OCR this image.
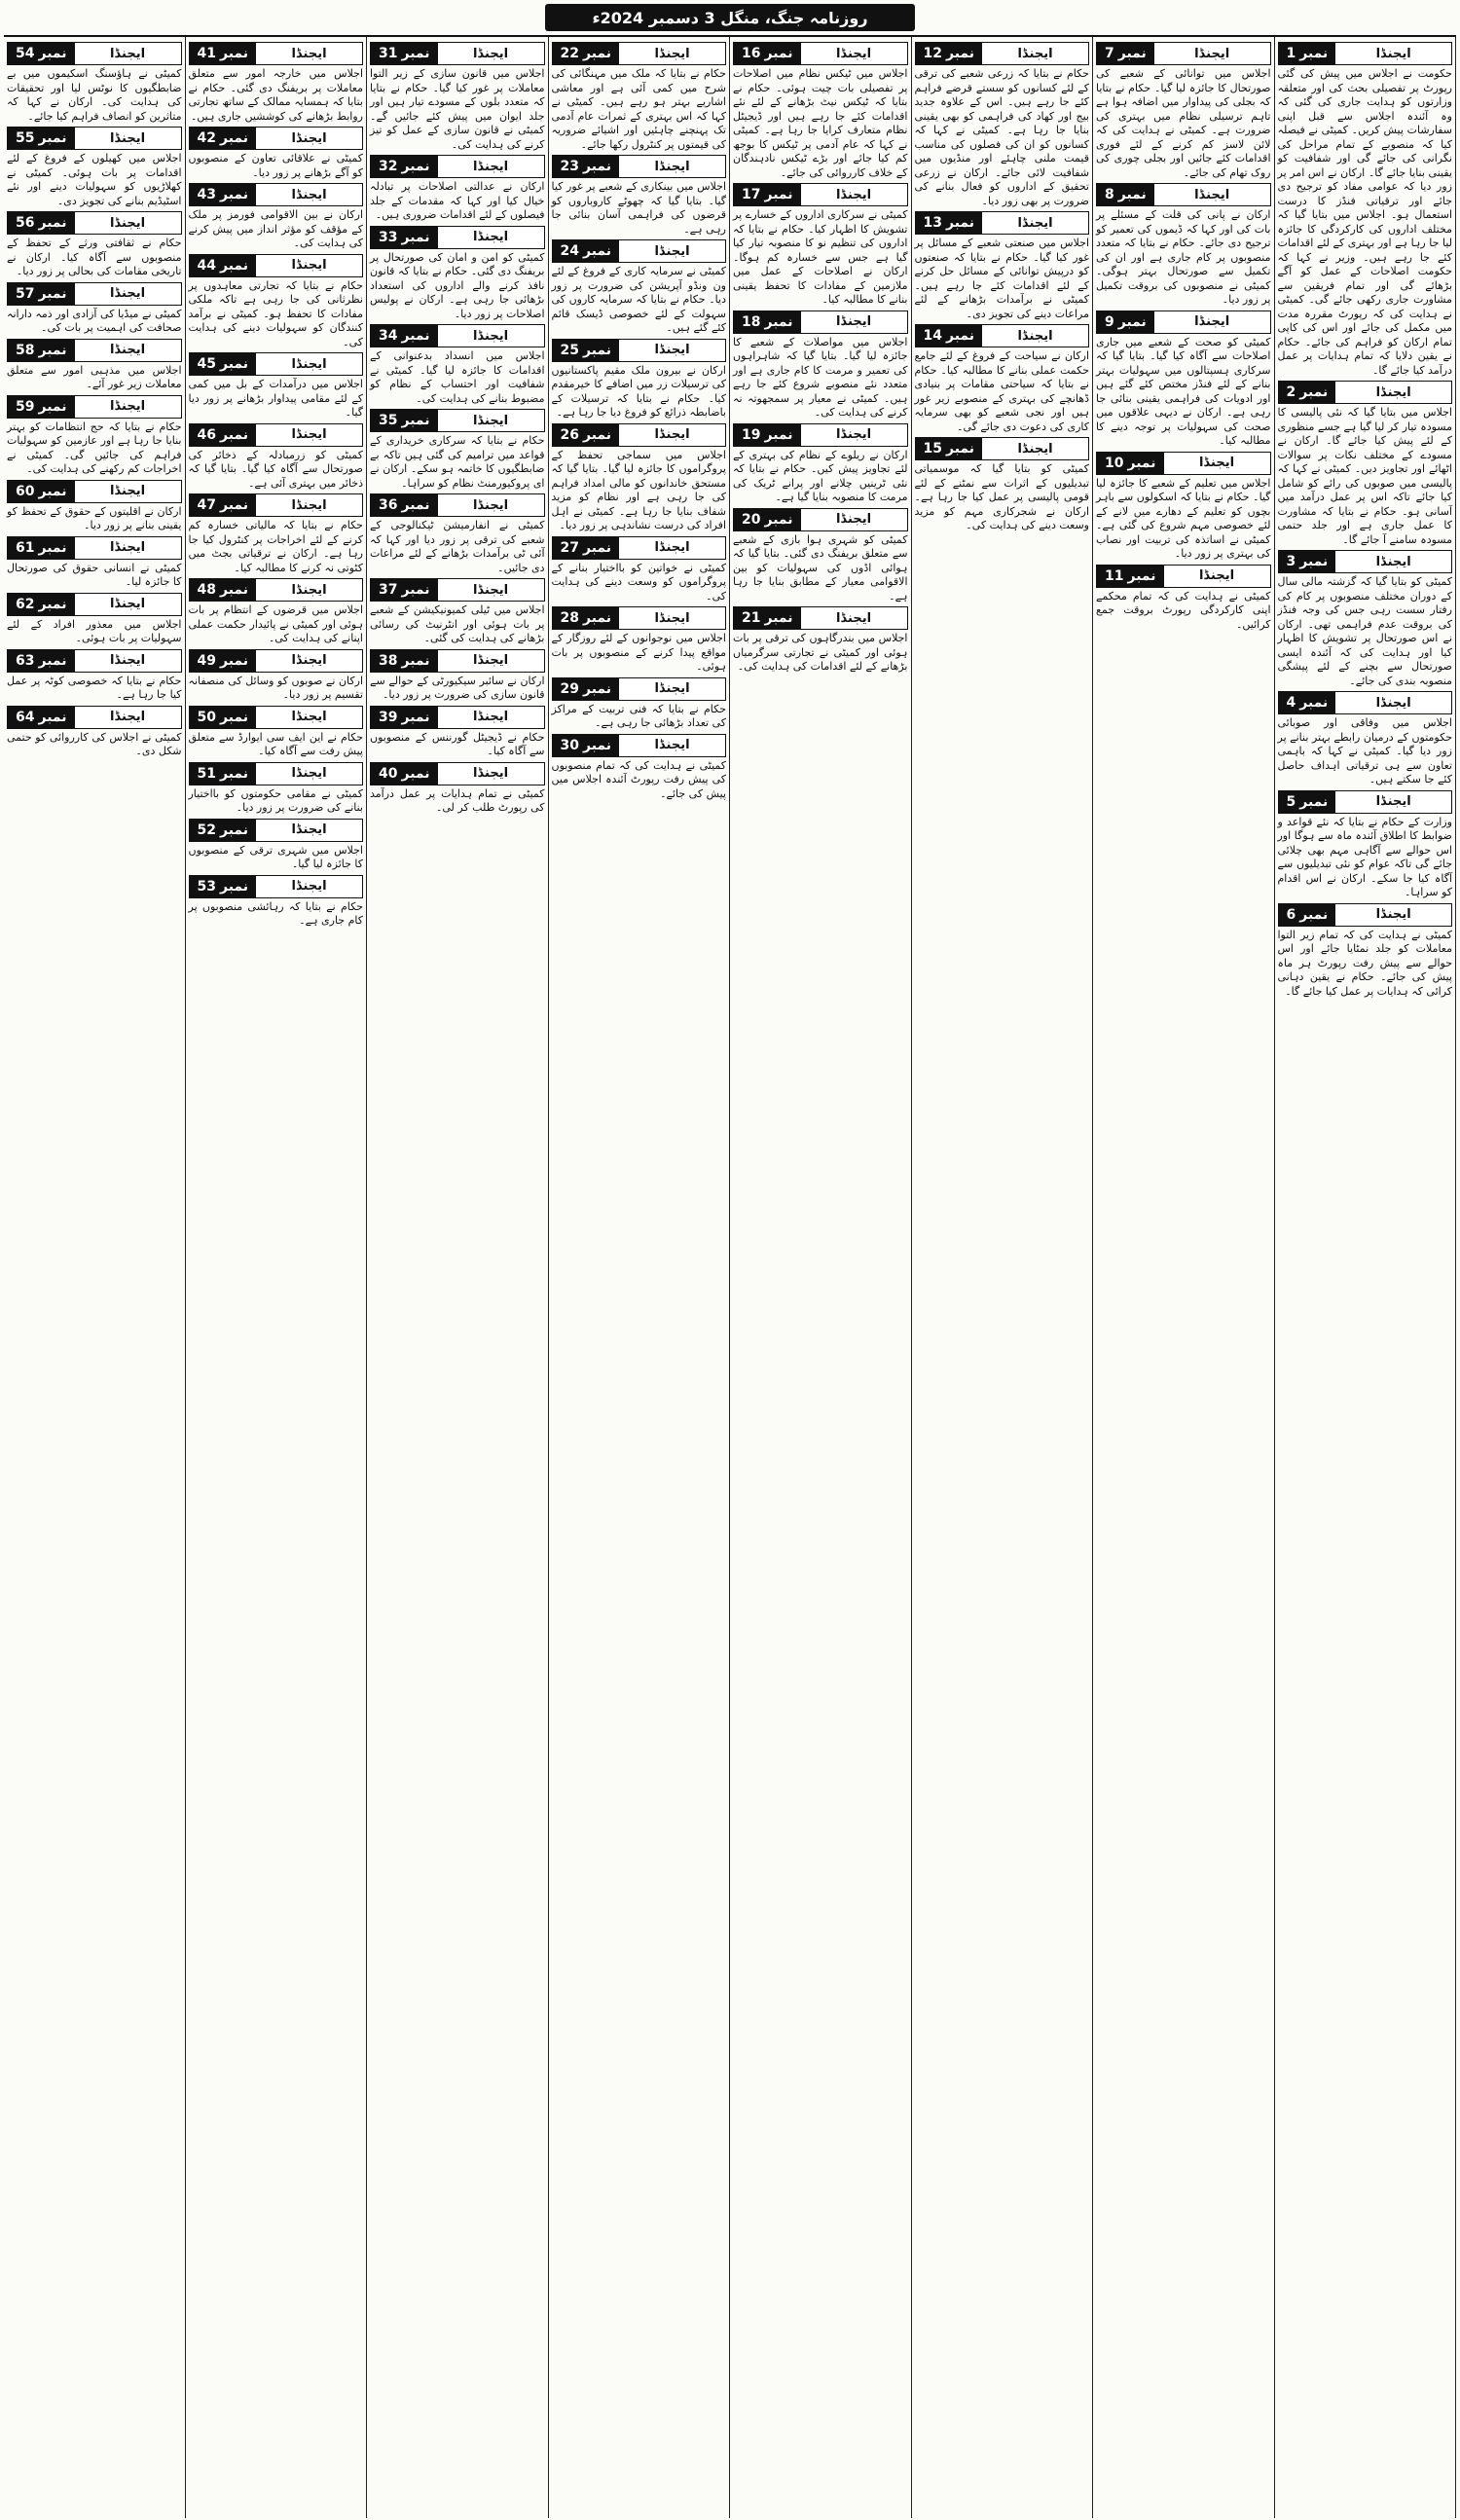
روزنامہ جنگ، منگل 3 دسمبر 2024ء
نمبر
1	ایجنڈا

حکومت نے اجلاس میں پیش کی گئی رپورٹ پر تفصیلی بحث کی اور متعلقہ وزارتوں کو ہدایت جاری کی گئی کہ وہ آئندہ اجلاس سے قبل اپنی سفارشات پیش کریں۔ کمیٹی نے فیصلہ کیا کہ منصوبے کے تمام مراحل کی نگرانی کی جائے گی اور شفافیت کو یقینی بنایا جائے گا۔ ارکان نے اس امر پر زور دیا کہ عوامی مفاد کو ترجیح دی جائے اور ترقیاتی فنڈز کا درست استعمال ہو۔ اجلاس میں بتایا گیا کہ مختلف اداروں کی کارکردگی کا جائزہ لیا جا رہا ہے اور بہتری کے لئے اقدامات کئے جا رہے ہیں۔ وزیر نے کہا کہ حکومت اصلاحات کے عمل کو آگے بڑھائے گی اور تمام فریقین سے مشاورت جاری رکھی جائے گی۔ کمیٹی نے ہدایت کی کہ رپورٹ مقررہ مدت میں مکمل کی جائے اور اس کی کاپی تمام ارکان کو فراہم کی جائے۔ حکام نے یقین دلایا کہ تمام ہدایات پر عمل درآمد کیا جائے گا۔

نمبر
2	ایجنڈا

اجلاس میں بتایا گیا کہ نئی پالیسی کا مسودہ تیار کر لیا گیا ہے جسے منظوری کے لئے پیش کیا جائے گا۔ ارکان نے مسودے کے مختلف نکات پر سوالات اٹھائے اور تجاویز دیں۔ کمیٹی نے کہا کہ پالیسی میں صوبوں کی رائے کو شامل کیا جائے تاکہ اس پر عمل درآمد میں آسانی ہو۔ حکام نے بتایا کہ مشاورت کا عمل جاری ہے اور جلد حتمی مسودہ سامنے آ جائے گا۔

نمبر
3	ایجنڈا

کمیٹی کو بتایا گیا کہ گزشتہ مالی سال کے دوران مختلف منصوبوں پر کام کی رفتار سست رہی جس کی وجہ فنڈز کی بروقت عدم فراہمی تھی۔ ارکان نے اس صورتحال پر تشویش کا اظہار کیا اور ہدایت کی کہ آئندہ ایسی صورتحال سے بچنے کے لئے پیشگی منصوبہ بندی کی جائے۔

نمبر
4	ایجنڈا

اجلاس میں وفاقی اور صوبائی حکومتوں کے درمیان رابطے بہتر بنانے پر زور دیا گیا۔ کمیٹی نے کہا کہ باہمی تعاون سے ہی ترقیاتی اہداف حاصل کئے جا سکتے ہیں۔

نمبر
5	ایجنڈا

وزارت کے حکام نے بتایا کہ نئے قواعد و ضوابط کا اطلاق آئندہ ماہ سے ہوگا اور اس حوالے سے آگاہی مہم بھی چلائی جائے گی تاکہ عوام کو نئی تبدیلیوں سے آگاہ کیا جا سکے۔ ارکان نے اس اقدام کو سراہا۔

نمبر
6	ایجنڈا

کمیٹی نے ہدایت کی کہ تمام زیر التوا معاملات کو جلد نمٹایا جائے اور اس حوالے سے پیش رفت رپورٹ ہر ماہ پیش کی جائے۔ حکام نے یقین دہانی کرائی کہ ہدایات پر عمل کیا جائے گا۔

نمبر
7	ایجنڈا

اجلاس میں توانائی کے شعبے کی صورتحال کا جائزہ لیا گیا۔ حکام نے بتایا کہ بجلی کی پیداوار میں اضافہ ہوا ہے تاہم ترسیلی نظام میں بہتری کی ضرورت ہے۔ کمیٹی نے ہدایت کی کہ لائن لاسز کم کرنے کے لئے فوری اقدامات کئے جائیں اور بجلی چوری کی روک تھام کی جائے۔

نمبر
8	ایجنڈا

ارکان نے پانی کی قلت کے مسئلے پر بات کی اور کہا کہ ڈیموں کی تعمیر کو ترجیح دی جائے۔ حکام نے بتایا کہ متعدد منصوبوں پر کام جاری ہے اور ان کی تکمیل سے صورتحال بہتر ہوگی۔ کمیٹی نے منصوبوں کی بروقت تکمیل پر زور دیا۔

نمبر
9	ایجنڈا

کمیٹی کو صحت کے شعبے میں جاری اصلاحات سے آگاہ کیا گیا۔ بتایا گیا کہ سرکاری ہسپتالوں میں سہولیات بہتر بنانے کے لئے فنڈز مختص کئے گئے ہیں اور ادویات کی فراہمی یقینی بنائی جا رہی ہے۔ ارکان نے دیہی علاقوں میں صحت کی سہولیات پر توجہ دینے کا مطالبہ کیا۔

نمبر
10	ایجنڈا

اجلاس میں تعلیم کے شعبے کا جائزہ لیا گیا۔ حکام نے بتایا کہ اسکولوں سے باہر بچوں کو تعلیم کے دھارے میں لانے کے لئے خصوصی مہم شروع کی گئی ہے۔ کمیٹی نے اساتذہ کی تربیت اور نصاب کی بہتری پر زور دیا۔

نمبر
11	ایجنڈا

کمیٹی نے ہدایت کی کہ تمام محکمے اپنی کارکردگی رپورٹ بروقت جمع کرائیں۔

نمبر
12	ایجنڈا

حکام نے بتایا کہ زرعی شعبے کی ترقی کے لئے کسانوں کو سستے قرضے فراہم کئے جا رہے ہیں۔ اس کے علاوہ جدید بیج اور کھاد کی فراہمی کو بھی یقینی بنایا جا رہا ہے۔ کمیٹی نے کہا کہ کسانوں کو ان کی فصلوں کی مناسب قیمت ملنی چاہئے اور منڈیوں میں شفافیت لائی جائے۔ ارکان نے زرعی تحقیق کے اداروں کو فعال بنانے کی ضرورت پر بھی زور دیا۔

نمبر
13	ایجنڈا

اجلاس میں صنعتی شعبے کے مسائل پر غور کیا گیا۔ حکام نے بتایا کہ صنعتوں کو درپیش توانائی کے مسائل حل کرنے کے لئے اقدامات کئے جا رہے ہیں۔ کمیٹی نے برآمدات بڑھانے کے لئے مراعات دینے کی تجویز دی۔

نمبر
14	ایجنڈا

ارکان نے سیاحت کے فروغ کے لئے جامع حکمت عملی بنانے کا مطالبہ کیا۔ حکام نے بتایا کہ سیاحتی مقامات پر بنیادی ڈھانچے کی بہتری کے منصوبے زیر غور ہیں اور نجی شعبے کو بھی سرمایہ کاری کی دعوت دی جائے گی۔

نمبر
15	ایجنڈا

کمیٹی کو بتایا گیا کہ موسمیاتی تبدیلیوں کے اثرات سے نمٹنے کے لئے قومی پالیسی پر عمل کیا جا رہا ہے۔ ارکان نے شجرکاری مہم کو مزید وسعت دینے کی ہدایت کی۔

نمبر
16	ایجنڈا

اجلاس میں ٹیکس نظام میں اصلاحات پر تفصیلی بات چیت ہوئی۔ حکام نے بتایا کہ ٹیکس نیٹ بڑھانے کے لئے نئے اقدامات کئے جا رہے ہیں اور ڈیجیٹل نظام متعارف کرایا جا رہا ہے۔ کمیٹی نے کہا کہ عام آدمی پر ٹیکس کا بوجھ کم کیا جائے اور بڑے ٹیکس نادہندگان کے خلاف کارروائی کی جائے۔

نمبر
17	ایجنڈا

کمیٹی نے سرکاری اداروں کے خسارے پر تشویش کا اظہار کیا۔ حکام نے بتایا کہ اداروں کی تنظیم نو کا منصوبہ تیار کیا گیا ہے جس سے خسارہ کم ہوگا۔ ارکان نے اصلاحات کے عمل میں ملازمین کے مفادات کا تحفظ یقینی بنانے کا مطالبہ کیا۔

نمبر
18	ایجنڈا

اجلاس میں مواصلات کے شعبے کا جائزہ لیا گیا۔ بتایا گیا کہ شاہراہوں کی تعمیر و مرمت کا کام جاری ہے اور متعدد نئے منصوبے شروع کئے جا رہے ہیں۔ کمیٹی نے معیار پر سمجھوتہ نہ کرنے کی ہدایت کی۔

نمبر
19	ایجنڈا

ارکان نے ریلوے کے نظام کی بہتری کے لئے تجاویز پیش کیں۔ حکام نے بتایا کہ نئی ٹرینیں چلانے اور پرانے ٹریک کی مرمت کا منصوبہ بنایا گیا ہے۔

نمبر
20	ایجنڈا

کمیٹی کو شہری ہوا بازی کے شعبے سے متعلق بریفنگ دی گئی۔ بتایا گیا کہ ہوائی اڈوں کی سہولیات کو بین الاقوامی معیار کے مطابق بنایا جا رہا ہے۔

نمبر
21	ایجنڈا

اجلاس میں بندرگاہوں کی ترقی پر بات ہوئی اور کمیٹی نے تجارتی سرگرمیاں بڑھانے کے لئے اقدامات کی ہدایت کی۔

نمبر
22	ایجنڈا

حکام نے بتایا کہ ملک میں مہنگائی کی شرح میں کمی آئی ہے اور معاشی اشاریے بہتر ہو رہے ہیں۔ کمیٹی نے کہا کہ اس بہتری کے ثمرات عام آدمی تک پہنچنے چاہئیں اور اشیائے ضروریہ کی قیمتوں پر کنٹرول رکھا جائے۔

نمبر
23	ایجنڈا

اجلاس میں بینکاری کے شعبے پر غور کیا گیا۔ بتایا گیا کہ چھوٹے کاروباروں کو قرضوں کی فراہمی آسان بنائی جا رہی ہے۔

نمبر
24	ایجنڈا

کمیٹی نے سرمایہ کاری کے فروغ کے لئے ون ونڈو آپریشن کی ضرورت پر زور دیا۔ حکام نے بتایا کہ سرمایہ کاروں کی سہولت کے لئے خصوصی ڈیسک قائم کئے گئے ہیں۔

نمبر
25	ایجنڈا

ارکان نے بیرون ملک مقیم پاکستانیوں کی ترسیلات زر میں اضافے کا خیرمقدم کیا۔ حکام نے بتایا کہ ترسیلات کے باضابطہ ذرائع کو فروغ دیا جا رہا ہے۔

نمبر
26	ایجنڈا

اجلاس میں سماجی تحفظ کے پروگراموں کا جائزہ لیا گیا۔ بتایا گیا کہ مستحق خاندانوں کو مالی امداد فراہم کی جا رہی ہے اور نظام کو مزید شفاف بنایا جا رہا ہے۔ کمیٹی نے اہل افراد کی درست نشاندہی پر زور دیا۔

نمبر
27	ایجنڈا

کمیٹی نے خواتین کو بااختیار بنانے کے پروگراموں کو وسعت دینے کی ہدایت کی۔

نمبر
28	ایجنڈا

اجلاس میں نوجوانوں کے لئے روزگار کے مواقع پیدا کرنے کے منصوبوں پر بات ہوئی۔

نمبر
29	ایجنڈا

حکام نے بتایا کہ فنی تربیت کے مراکز کی تعداد بڑھائی جا رہی ہے۔

نمبر
30	ایجنڈا

کمیٹی نے ہدایت کی کہ تمام منصوبوں کی پیش رفت رپورٹ آئندہ اجلاس میں پیش کی جائے۔

نمبر
31	ایجنڈا

اجلاس میں قانون سازی کے زیر التوا معاملات پر غور کیا گیا۔ حکام نے بتایا کہ متعدد بلوں کے مسودے تیار ہیں اور جلد ایوان میں پیش کئے جائیں گے۔ کمیٹی نے قانون سازی کے عمل کو تیز کرنے کی ہدایت کی۔

نمبر
32	ایجنڈا

ارکان نے عدالتی اصلاحات پر تبادلہ خیال کیا اور کہا کہ مقدمات کے جلد فیصلوں کے لئے اقدامات ضروری ہیں۔

نمبر
33	ایجنڈا

کمیٹی کو امن و امان کی صورتحال پر بریفنگ دی گئی۔ حکام نے بتایا کہ قانون نافذ کرنے والے اداروں کی استعداد بڑھائی جا رہی ہے۔ ارکان نے پولیس اصلاحات پر زور دیا۔

نمبر
34	ایجنڈا

اجلاس میں انسداد بدعنوانی کے اقدامات کا جائزہ لیا گیا۔ کمیٹی نے شفافیت اور احتساب کے نظام کو مضبوط بنانے کی ہدایت کی۔

نمبر
35	ایجنڈا

حکام نے بتایا کہ سرکاری خریداری کے قواعد میں ترامیم کی گئی ہیں تاکہ بے ضابطگیوں کا خاتمہ ہو سکے۔ ارکان نے ای پروکیورمنٹ نظام کو سراہا۔

نمبر
36	ایجنڈا

کمیٹی نے انفارمیشن ٹیکنالوجی کے شعبے کی ترقی پر زور دیا اور کہا کہ آئی ٹی برآمدات بڑھانے کے لئے مراعات دی جائیں۔

نمبر
37	ایجنڈا

اجلاس میں ٹیلی کمیونیکیشن کے شعبے پر بات ہوئی اور انٹرنیٹ کی رسائی بڑھانے کی ہدایت کی گئی۔

نمبر
38	ایجنڈا

ارکان نے سائبر سیکیورٹی کے حوالے سے قانون سازی کی ضرورت پر زور دیا۔

نمبر
39	ایجنڈا

حکام نے ڈیجیٹل گورننس کے منصوبوں سے آگاہ کیا۔

نمبر
40	ایجنڈا

کمیٹی نے تمام ہدایات پر عمل درآمد کی رپورٹ طلب کر لی۔

نمبر
41	ایجنڈا

اجلاس میں خارجہ امور سے متعلق معاملات پر بریفنگ دی گئی۔ حکام نے بتایا کہ ہمسایہ ممالک کے ساتھ تجارتی روابط بڑھانے کی کوششیں جاری ہیں۔

نمبر
42	ایجنڈا

کمیٹی نے علاقائی تعاون کے منصوبوں کو آگے بڑھانے پر زور دیا۔

نمبر
43	ایجنڈا

ارکان نے بین الاقوامی فورمز پر ملک کے مؤقف کو مؤثر انداز میں پیش کرنے کی ہدایت کی۔

نمبر
44	ایجنڈا

حکام نے بتایا کہ تجارتی معاہدوں پر نظرثانی کی جا رہی ہے تاکہ ملکی مفادات کا تحفظ ہو۔ کمیٹی نے برآمد کنندگان کو سہولیات دینے کی ہدایت کی۔

نمبر
45	ایجنڈا

اجلاس میں درآمدات کے بل میں کمی کے لئے مقامی پیداوار بڑھانے پر زور دیا گیا۔

نمبر
46	ایجنڈا

کمیٹی کو زرمبادلہ کے ذخائر کی صورتحال سے آگاہ کیا گیا۔ بتایا گیا کہ ذخائر میں بہتری آئی ہے۔

نمبر
47	ایجنڈا

حکام نے بتایا کہ مالیاتی خسارہ کم کرنے کے لئے اخراجات پر کنٹرول کیا جا رہا ہے۔ ارکان نے ترقیاتی بجٹ میں کٹوتی نہ کرنے کا مطالبہ کیا۔

نمبر
48	ایجنڈا

اجلاس میں قرضوں کے انتظام پر بات ہوئی اور کمیٹی نے پائیدار حکمت عملی اپنانے کی ہدایت کی۔

نمبر
49	ایجنڈا

ارکان نے صوبوں کو وسائل کی منصفانہ تقسیم پر زور دیا۔

نمبر
50	ایجنڈا

حکام نے این ایف سی ایوارڈ سے متعلق پیش رفت سے آگاہ کیا۔

نمبر
51	ایجنڈا

کمیٹی نے مقامی حکومتوں کو بااختیار بنانے کی ضرورت پر زور دیا۔

نمبر
52	ایجنڈا

اجلاس میں شہری ترقی کے منصوبوں کا جائزہ لیا گیا۔

نمبر
53	ایجنڈا

حکام نے بتایا کہ رہائشی منصوبوں پر کام جاری ہے۔

نمبر
54	ایجنڈا

کمیٹی نے ہاؤسنگ اسکیموں میں بے ضابطگیوں کا نوٹس لیا اور تحقیقات کی ہدایت کی۔ ارکان نے کہا کہ متاثرین کو انصاف فراہم کیا جائے۔

نمبر
55	ایجنڈا

اجلاس میں کھیلوں کے فروغ کے لئے اقدامات پر بات ہوئی۔ کمیٹی نے کھلاڑیوں کو سہولیات دینے اور نئے اسٹیڈیم بنانے کی تجویز دی۔

نمبر
56	ایجنڈا

حکام نے ثقافتی ورثے کے تحفظ کے منصوبوں سے آگاہ کیا۔ ارکان نے تاریخی مقامات کی بحالی پر زور دیا۔

نمبر
57	ایجنڈا

کمیٹی نے میڈیا کی آزادی اور ذمہ دارانہ صحافت کی اہمیت پر بات کی۔

نمبر
58	ایجنڈا

اجلاس میں مذہبی امور سے متعلق معاملات زیر غور آئے۔

نمبر
59	ایجنڈا

حکام نے بتایا کہ حج انتظامات کو بہتر بنایا جا رہا ہے اور عازمین کو سہولیات فراہم کی جائیں گی۔ کمیٹی نے اخراجات کم رکھنے کی ہدایت کی۔

نمبر
60	ایجنڈا

ارکان نے اقلیتوں کے حقوق کے تحفظ کو یقینی بنانے پر زور دیا۔

نمبر
61	ایجنڈا

کمیٹی نے انسانی حقوق کی صورتحال کا جائزہ لیا۔

نمبر
62	ایجنڈا

اجلاس میں معذور افراد کے لئے سہولیات پر بات ہوئی۔

نمبر
63	ایجنڈا

حکام نے بتایا کہ خصوصی کوٹہ پر عمل کیا جا رہا ہے۔

نمبر
64	ایجنڈا

کمیٹی نے اجلاس کی کارروائی کو حتمی شکل دی۔
